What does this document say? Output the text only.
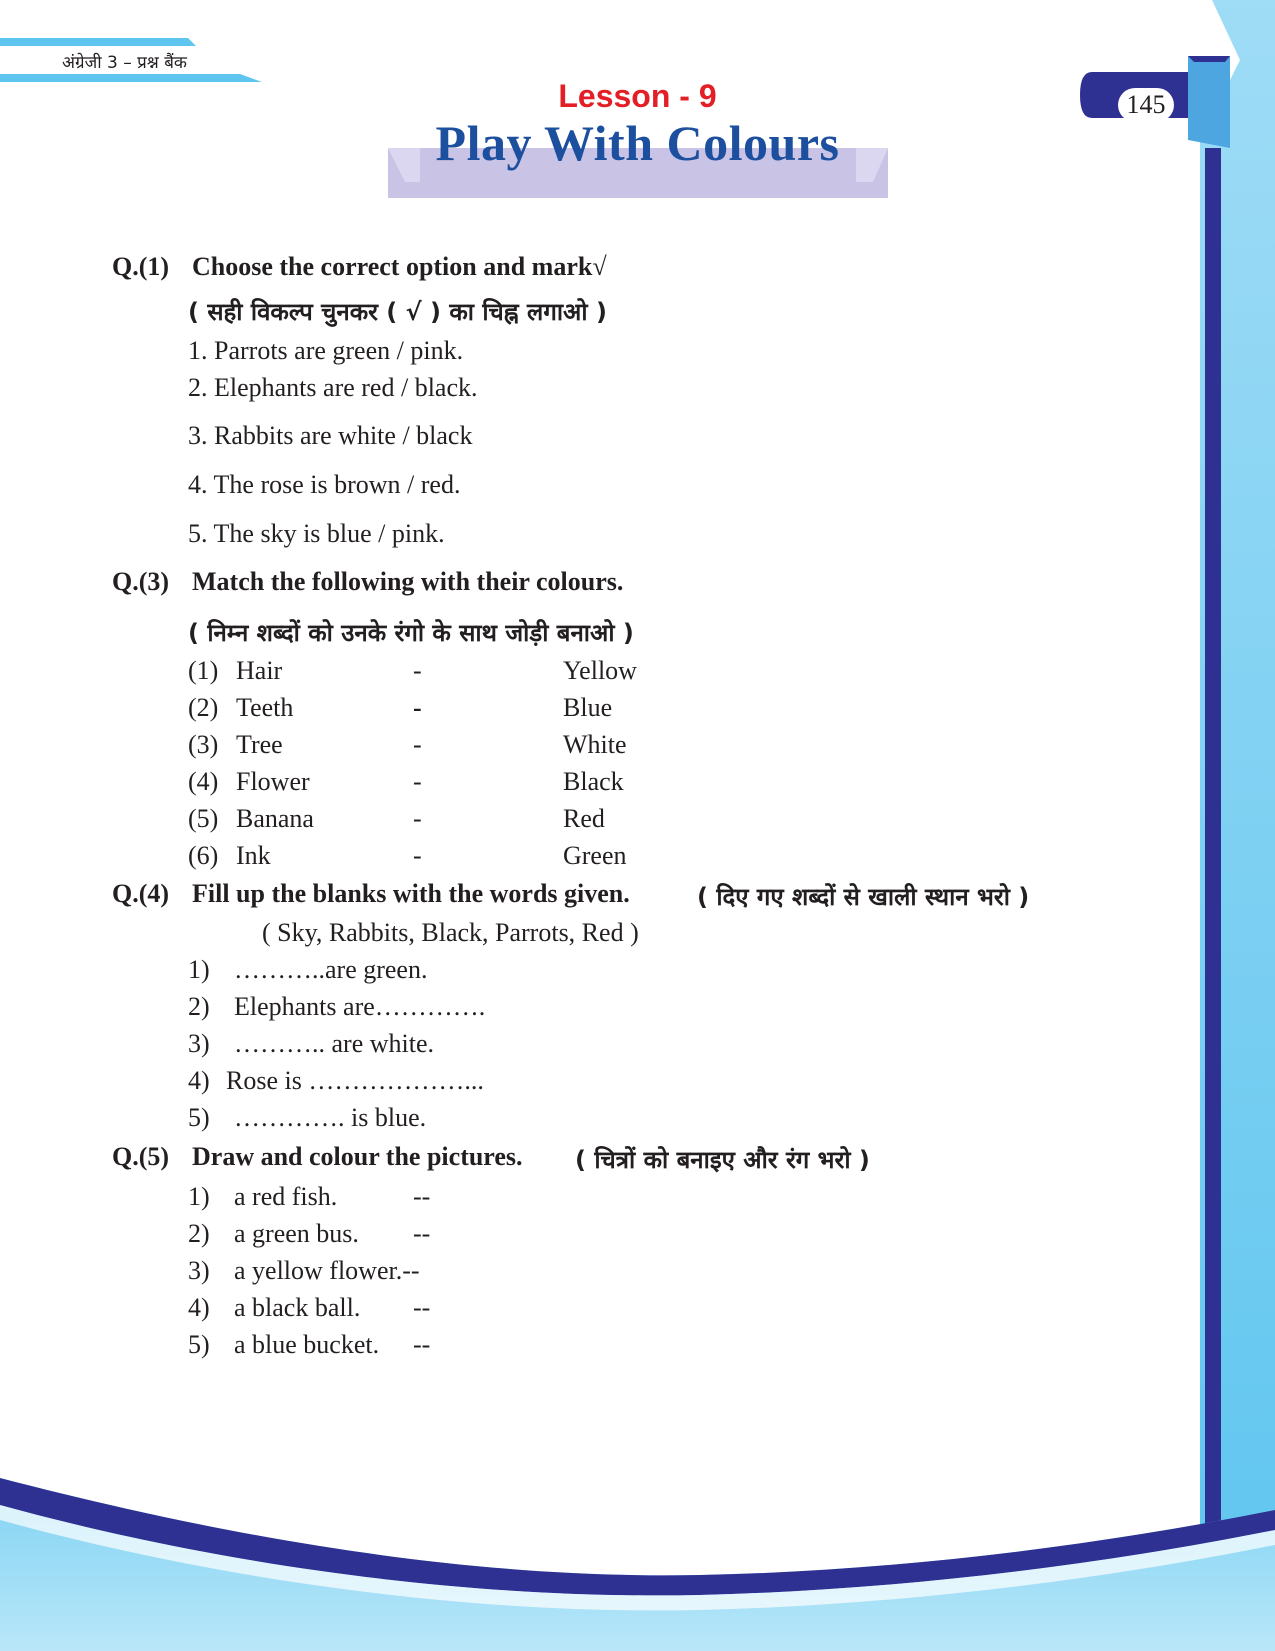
अंग्रेजी 3 – प्रश्न बैंक
145
Lesson - 9
Play With Colours
Q.(1) Choose the correct option and mark√
( सही विकल्प चुनकर ( √ ) का चिह्न लगाओ )
1. Parrots are green / pink.
2. Elephants are red / black.
3. Rabbits are white / black
4. The rose is brown / red.
5. The sky is blue / pink.
Q.(3) Match the following with their colours.
( निम्न शब्दों को उनके रंगो के साथ जोड़ी बनाओ )
(1) Hair	-	Yellow
(2) Teeth	-	Blue
(3) Tree	-	White
(4) Flower	-	Black
(5) Banana	-	Red
(6) Ink	-	Green
Q.(4) Fill up the blanks with the words given.	( दिए गए शब्दों से खाली स्थान भरो )
( Sky, Rabbits, Black, Parrots, Red )
1) ………..are green.
2) Elephants are………….
3) ……….. are white.
4) Rose is ………………...
5) …………. is blue.
Q.(5) Draw and colour the pictures. ( चित्रों को बनाइए और रंग भरो )
1) a red fish.	--
2) a green bus. --
3) a yellow flower.--
4) a black ball. --
5) a blue bucket. --
